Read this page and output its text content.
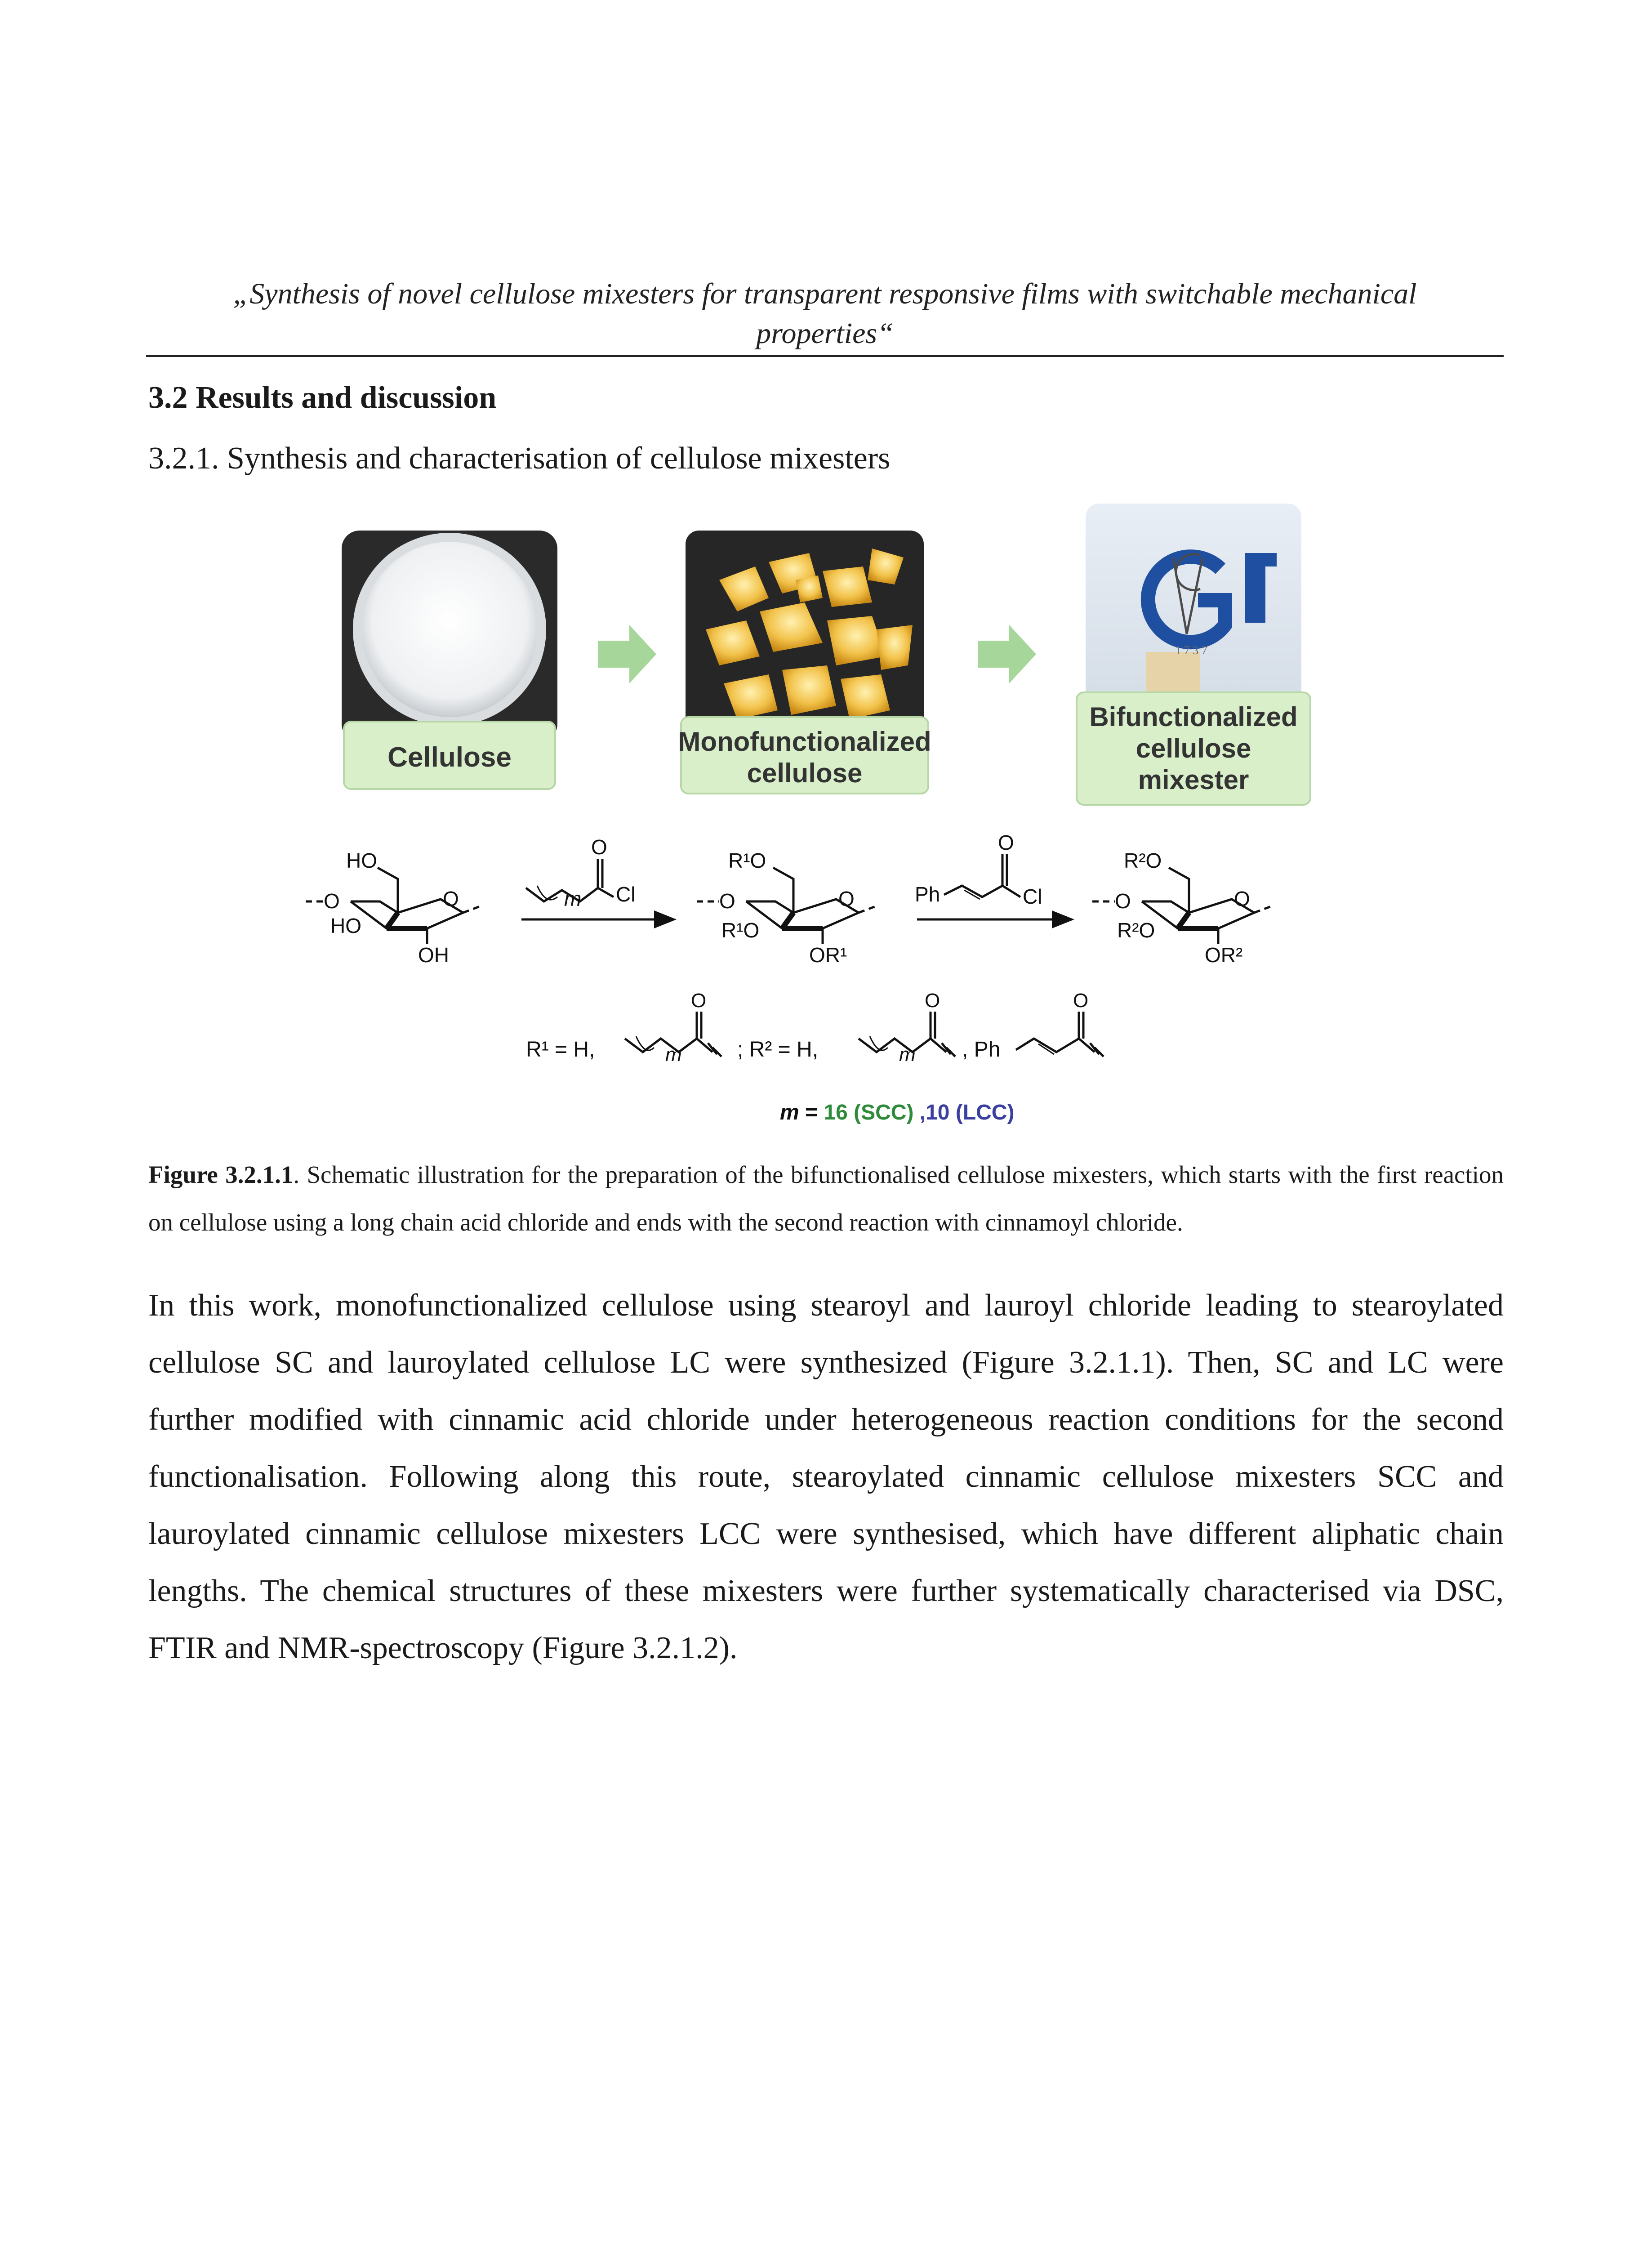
„Synthesis of novel cellulose mixesters for transparent responsive films with switchable mechanical
properties“
3.2 Results and discussion
3.2.1. Synthesis and characterisation of cellulose mixesters
Cellulose
Monofunctionalized
cellulose
1 7 3 7
Bifunctionalized
cellulose
mixester
HO
O
HO
O
OH
O
m Cl
R¹O
O
R¹O
O
OR¹
O
Ph	Cl
R²O
O
R²O
O
OR²
R¹ = H,
O
m	; R² = H,
O
m , Ph
O
m = 16 (SCC) ,10 (LCC)
Figure 3.2.1.1. Schematic illustration for the preparation of the bifunctionalised cellulose mixesters, which starts with the first reaction on cellulose using a long chain acid chloride and ends with the second reaction with cinnamoyl chloride.
In this work, monofunctionalized cellulose using stearoyl and lauroyl chloride leading to stearoylated cellulose SC and lauroylated cellulose LC were synthesized (Figure 3.2.1.1). Then, SC and LC were further modified with cinnamic acid chloride under heterogeneous reaction conditions for the second functionalisation. Following along this route, stearoylated cinnamic cellulose mixesters SCC and lauroylated cinnamic cellulose mixesters LCC were synthesised, which have different aliphatic chain lengths. The chemical structures of these mixesters were further systematically characterised via DSC, FTIR and NMR-spectroscopy (Figure 3.2.1.2).
